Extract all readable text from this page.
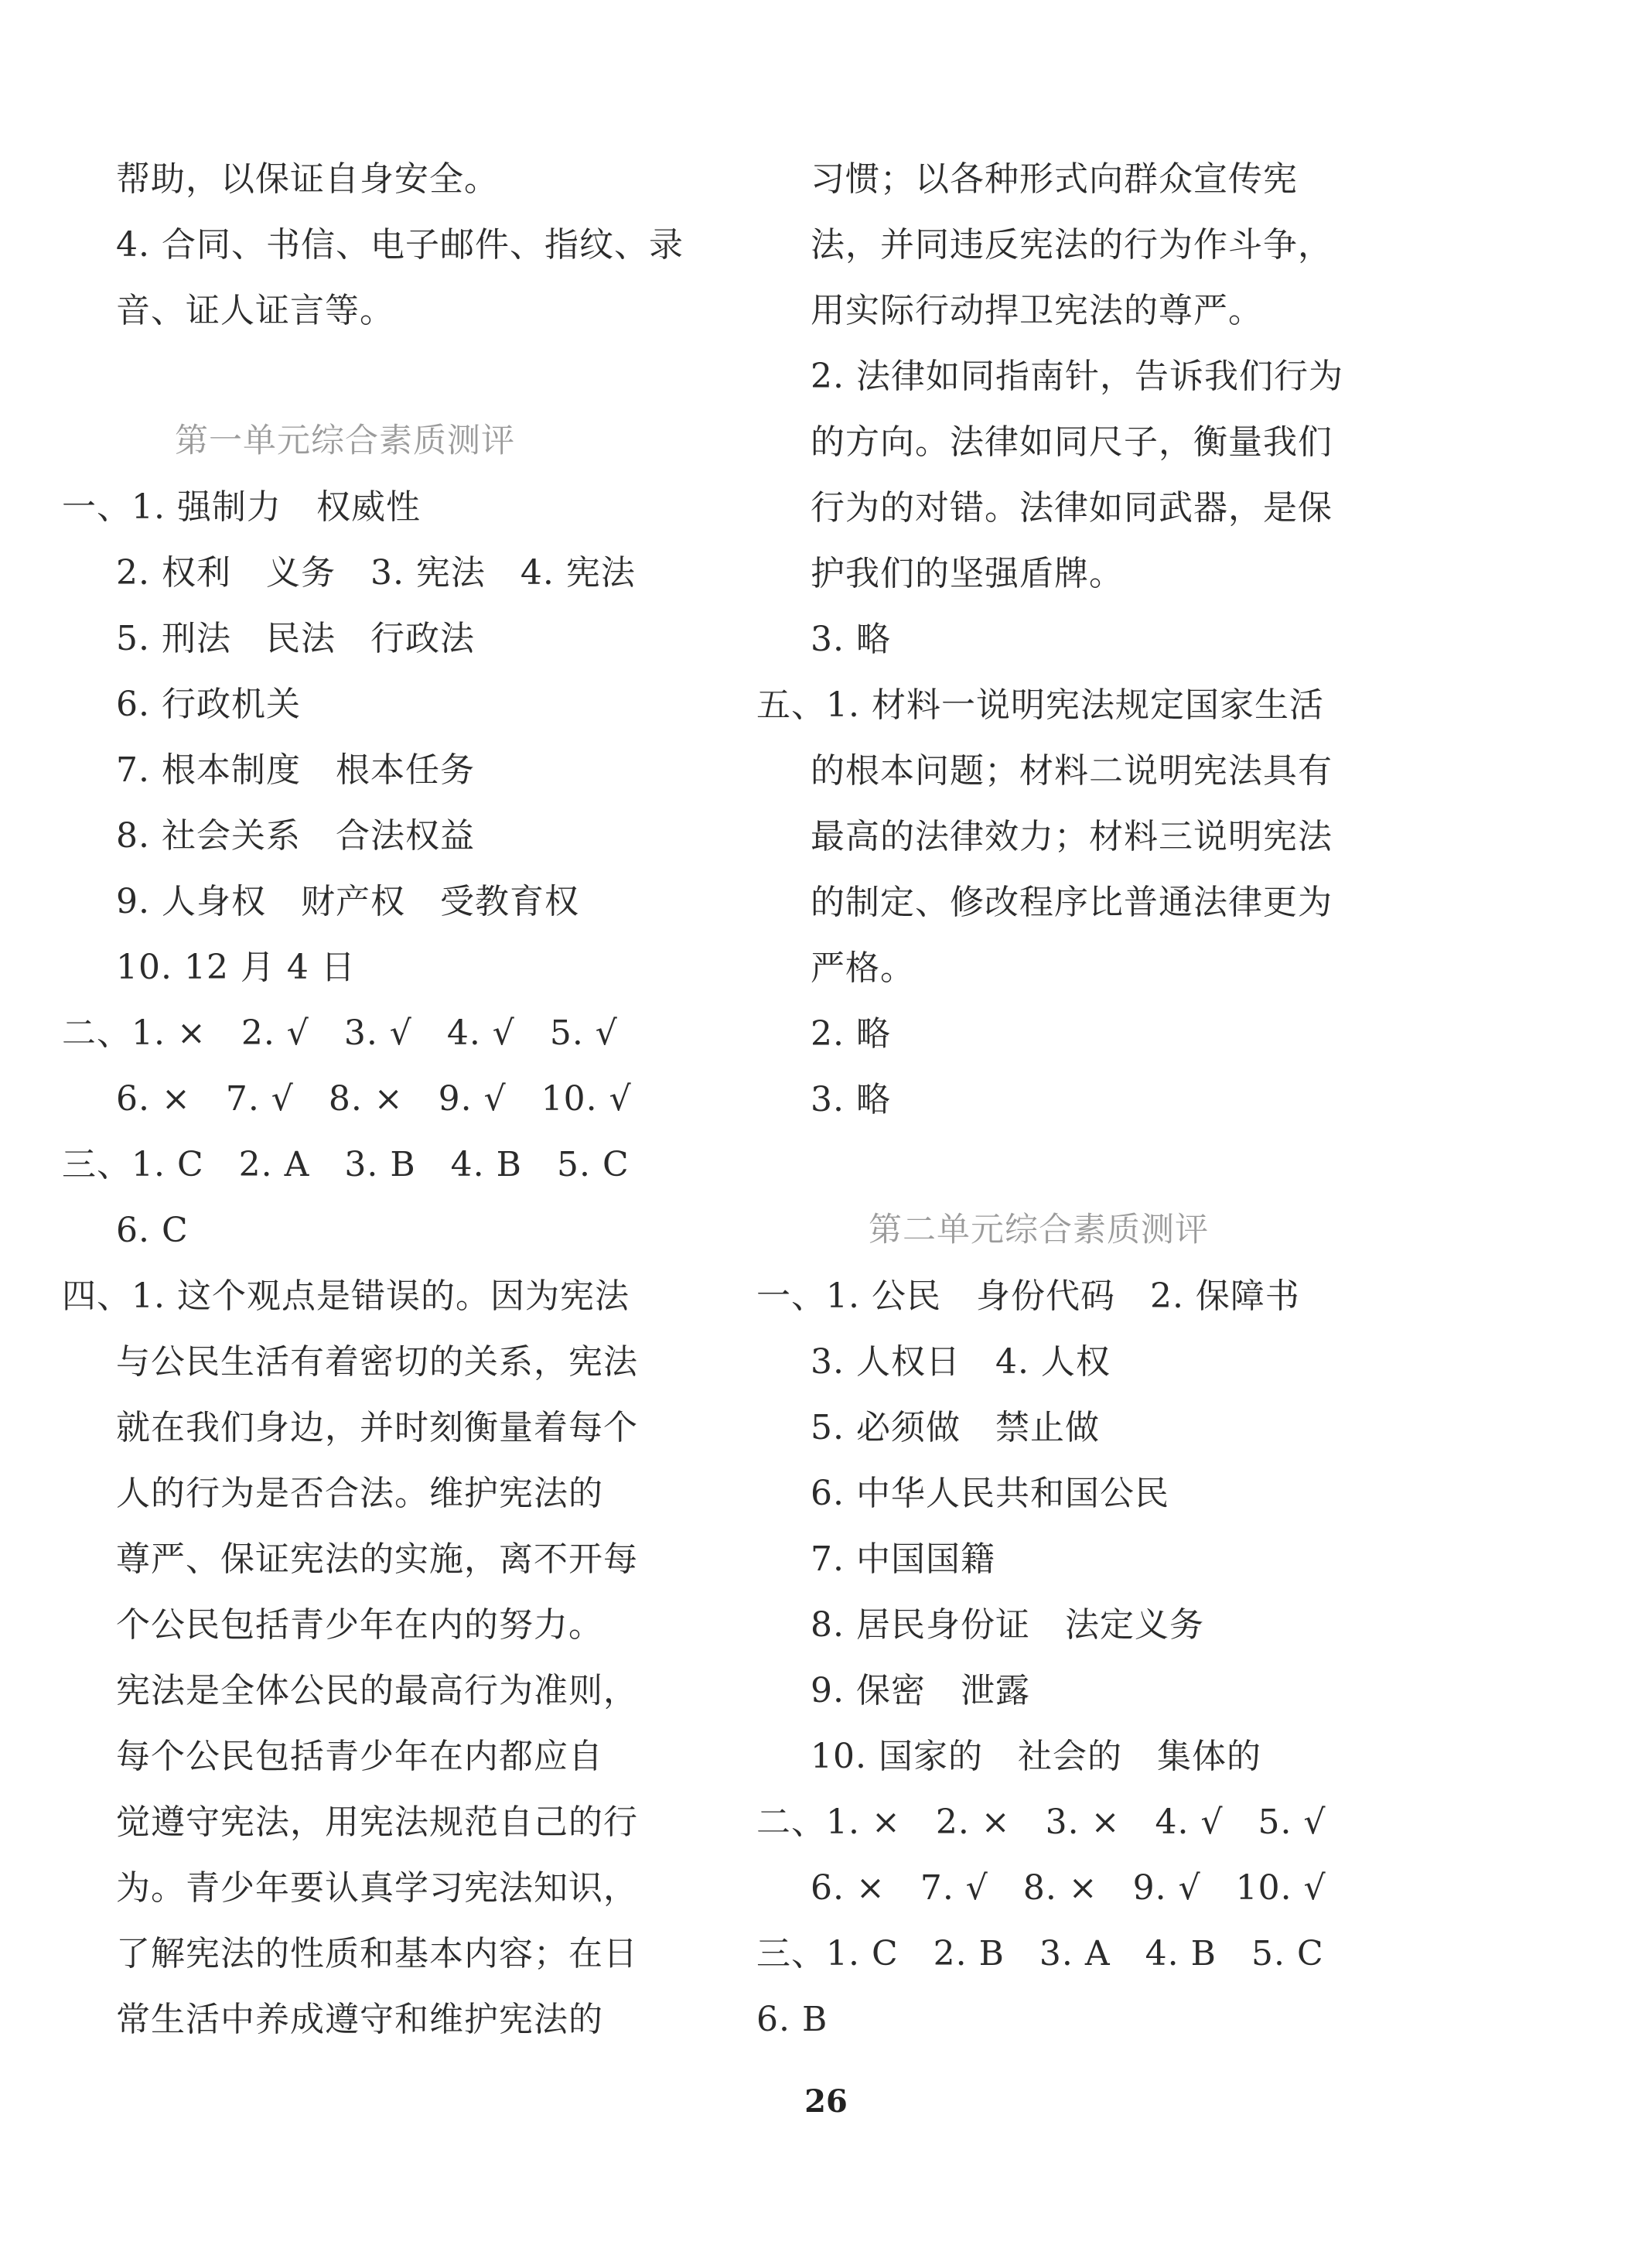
帮助，以保证自身安全。
4. 合同、书信、电子邮件、指纹、录
音、证人证言等。
第一单元综合素质测评
一、1. 强制力　权威性
2. 权利　义务　3. 宪法　4. 宪法
5. 刑法　民法　行政法
6. 行政机关
7. 根本制度　根本任务
8. 社会关系　合法权益
9. 人身权　财产权　受教育权
10. 12 月 4 日
二、1. ×　2. √　3. √　4. √　5. √
6. ×　7. √　8. ×　9. √　10. √
三、1. C　2. A　3. B　4. B　5. C
6. C
四、1. 这个观点是错误的。因为宪法
与公民生活有着密切的关系，宪法
就在我们身边，并时刻衡量着每个
人的行为是否合法。维护宪法的
尊严、保证宪法的实施，离不开每
个公民包括青少年在内的努力。
宪法是全体公民的最高行为准则，
每个公民包括青少年在内都应自
觉遵守宪法，用宪法规范自己的行
为。青少年要认真学习宪法知识，
了解宪法的性质和基本内容；在日
常生活中养成遵守和维护宪法的
习惯；以各种形式向群众宣传宪
法，并同违反宪法的行为作斗争，
用实际行动捍卫宪法的尊严。
2. 法律如同指南针，告诉我们行为
的方向。法律如同尺子，衡量我们
行为的对错。法律如同武器，是保
护我们的坚强盾牌。
3. 略
五、1. 材料一说明宪法规定国家生活
的根本问题；材料二说明宪法具有
最高的法律效力；材料三说明宪法
的制定、修改程序比普通法律更为
严格。
2. 略
3. 略
第二单元综合素质测评
一、1. 公民　身份代码　2. 保障书
3. 人权日　4. 人权
5. 必须做　禁止做
6. 中华人民共和国公民
7. 中国国籍
8. 居民身份证　法定义务
9. 保密　泄露
10. 国家的　社会的　集体的
二、1. ×　2. ×　3. ×　4. √　5. √
6. ×　7. √　8. ×　9. √　10. √
三、1. C　2. B　3. A　4. B　5. C
6. B
26
